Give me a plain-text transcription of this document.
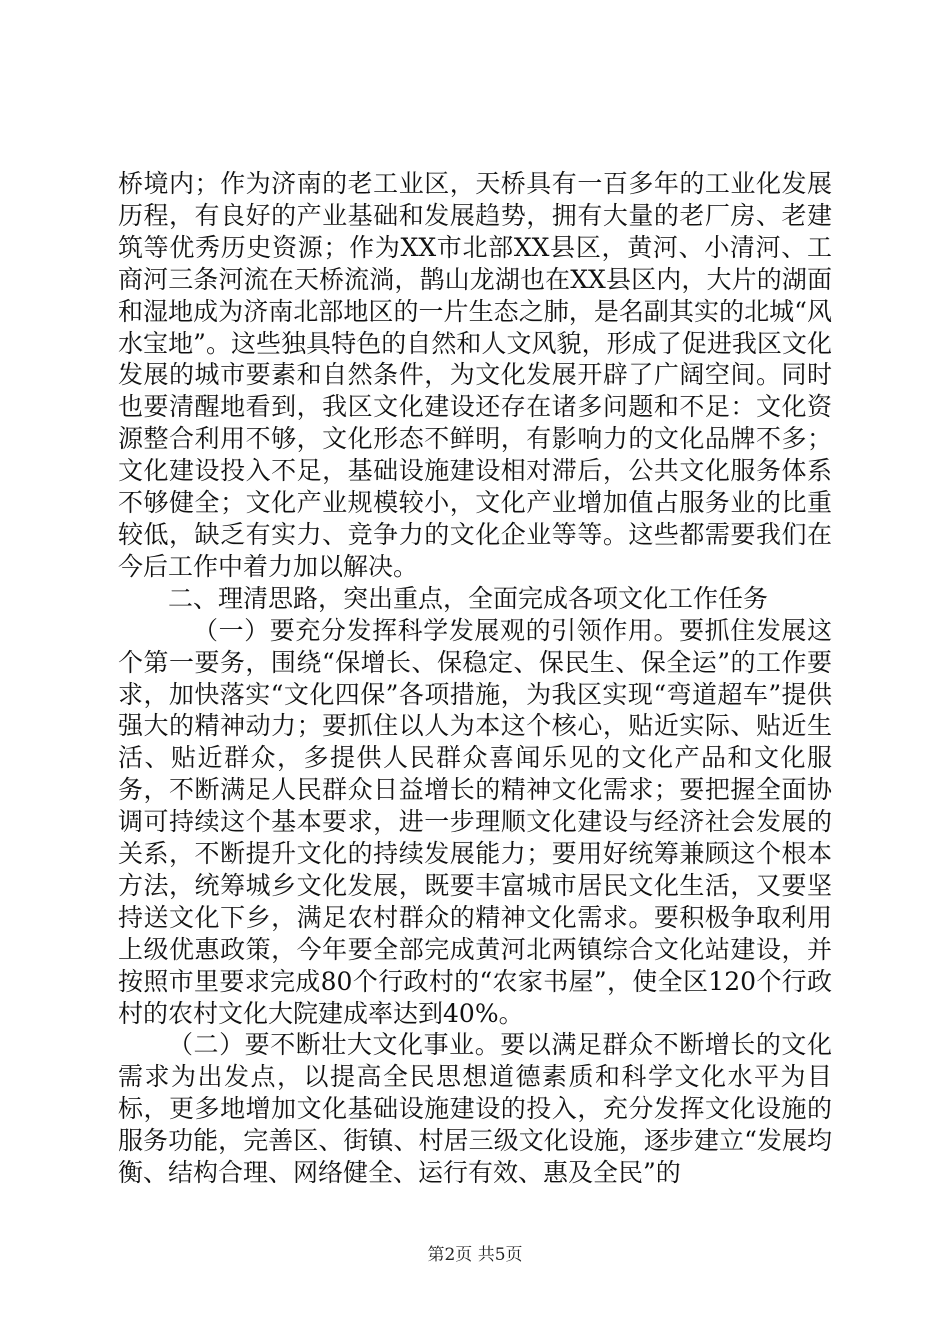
桥境内；作为济南的老工业区，天桥具有一百多年的工业化发展历程，有良好的产业基础和发展趋势，拥有大量的老厂房、老建筑等优秀历史资源；作为XX市北部XX县区，黄河、小清河、工商河三条河流在天桥流淌，鹊山龙湖也在XX县区内，大片的湖面和湿地成为济南北部地区的一片生态之肺，是名副其实的北城“风水宝地”。这些独具特色的自然和人文风貌，形成了促进我区文化发展的城市要素和自然条件，为文化发展开辟了广阔空间。同时也要清醒地看到，我区文化建设还存在诸多问题和不足：文化资源整合利用不够，文化形态不鲜明，有影响力的文化品牌不多；文化建设投入不足，基础设施建设相对滞后，公共文化服务体系不够健全；文化产业规模较小，文化产业增加值占服务业的比重较低，缺乏有实力、竞争力的文化企业等等。这些都需要我们在今后工作中着力加以解决。

二、理清思路，突出重点，全面完成各项文化工作任务

（一）要充分发挥科学发展观的引领作用。要抓住发展这个第一要务，围绕“保增长、保稳定、保民生、保全运”的工作要求，加快落实“文化四保”各项措施，为我区实现“弯道超车”提供强大的精神动力；要抓住以人为本这个核心，贴近实际、贴近生活、贴近群众，多提供人民群众喜闻乐见的文化产品和文化服务，不断满足人民群众日益增长的精神文化需求；要把握全面协调可持续这个基本要求，进一步理顺文化建设与经济社会发展的关系，不断提升文化的持续发展能力；要用好统筹兼顾这个根本方法，统筹城乡文化发展，既要丰富城市居民文化生活，又要坚持送文化下乡，满足农村群众的精神文化需求。要积极争取利用上级优惠政策，今年要全部完成黄河北两镇综合文化站建设，并按照市里要求完成80个行政村的“农家书屋”，使全区120个行政村的农村文化大院建成率达到40%。

（二）要不断壮大文化事业。要以满足群众不断增长的文化需求为出发点，以提高全民思想道德素质和科学文化水平为目标，更多地增加文化基础设施建设的投入，充分发挥文化设施的服务功能，完善区、街镇、村居三级文化设施，逐步建立“发展均衡、结构合理、网络健全、运行有效、惠及全民”的

第2页 共5页
